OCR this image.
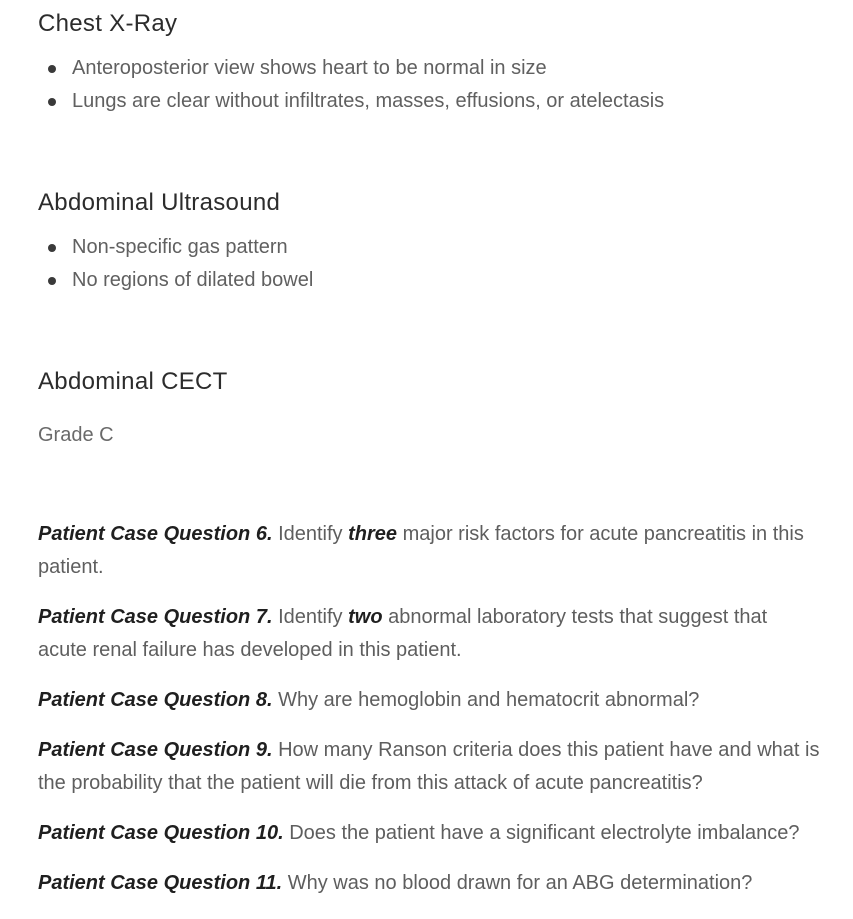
Chest X-Ray
Anteroposterior view shows heart to be normal in size
Lungs are clear without infiltrates, masses, effusions, or atelectasis
Abdominal Ultrasound
Non-specific gas pattern
No regions of dilated bowel
Abdominal CECT

Grade C

Patient Case Question 6. Identify three major risk factors for acute pancreatitis in this patient.

Patient Case Question 7. Identify two abnormal laboratory tests that suggest that acute renal failure has developed in this patient.

Patient Case Question 8. Why are hemoglobin and hematocrit abnormal?

Patient Case Question 9. How many Ranson criteria does this patient have and what is the probability that the patient will die from this attack of acute pancreatitis?

Patient Case Question 10. Does the patient have a significant electrolyte imbalance?

Patient Case Question 11. Why was no blood drawn for an ABG determination?
